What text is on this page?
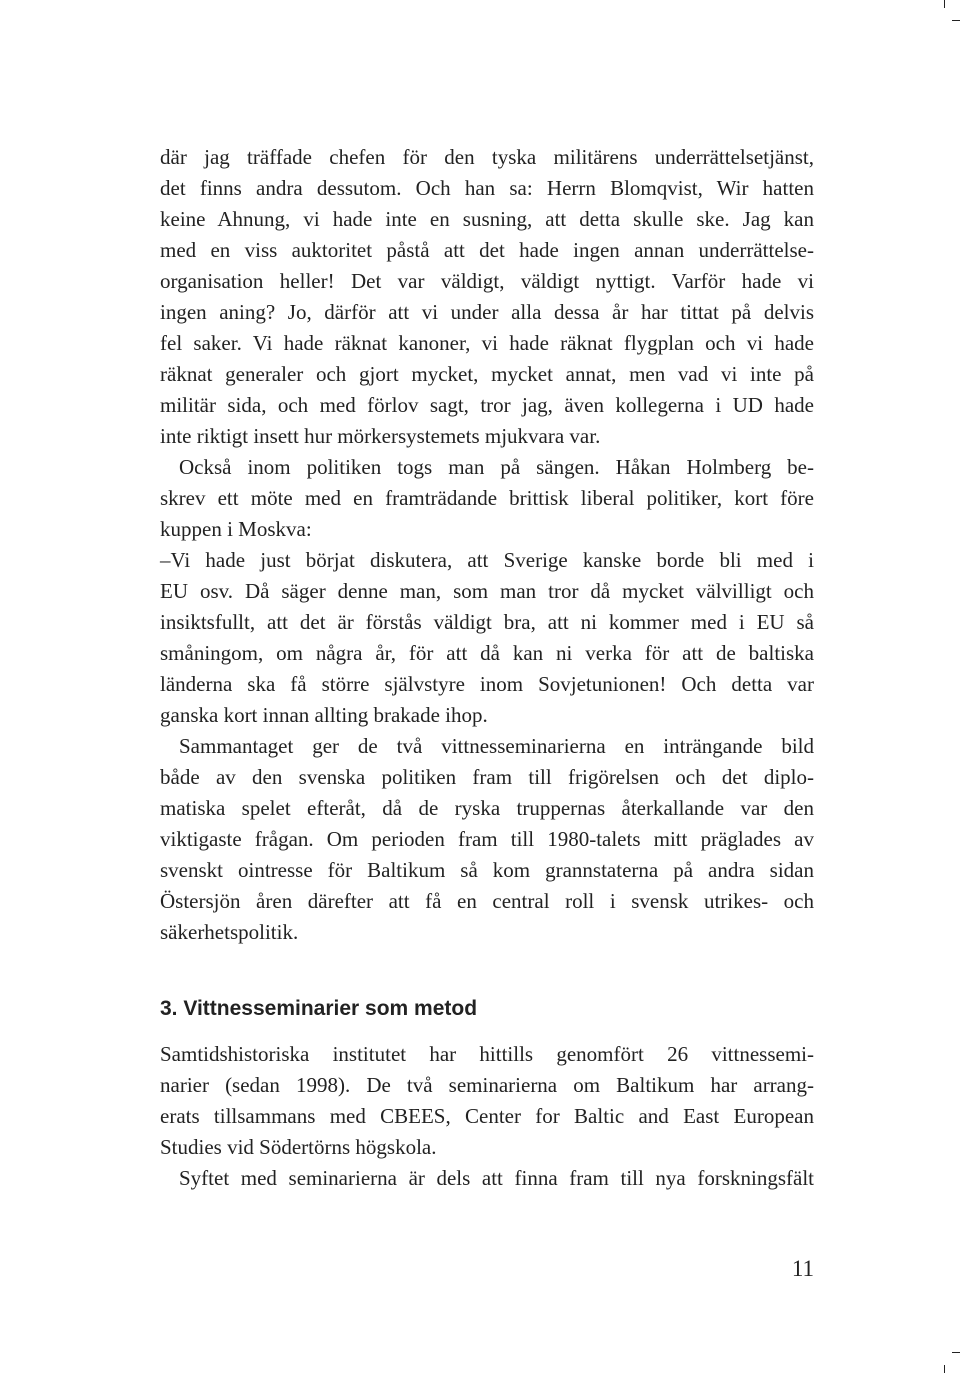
där jag träffade chefen för den tyska militärens underrättelsetjänst,
det finns andra dessutom. Och han sa: Herrn Blomqvist, Wir hatten
keine Ahnung, vi hade inte en susning, att detta skulle ske. Jag kan
med en viss auktoritet påstå att det hade ingen annan underrättelse-
organisation heller! Det var väldigt, väldigt nyttigt. Varför hade vi
ingen aning? Jo, därför att vi under alla dessa år har tittat på delvis
fel saker. Vi hade räknat kanoner, vi hade räknat flygplan och vi hade
räknat generaler och gjort mycket, mycket annat, men vad vi inte på
militär sida, och med förlov sagt, tror jag, även kollegerna i UD hade
inte riktigt insett hur mörkersystemets mjukvara var.
Också inom politiken togs man på sängen. Håkan Holmberg be-
skrev ett möte med en framträdande brittisk liberal politiker, kort före
kuppen i Moskva:
–Vi hade just börjat diskutera, att Sverige kanske borde bli med i
EU osv. Då säger denne man, som man tror då mycket välvilligt och
insiktsfullt, att det är förstås väldigt bra, att ni kommer med i EU så
småningom, om några år, för att då kan ni verka för att de baltiska
länderna ska få större självstyre inom Sovjetunionen! Och detta var
ganska kort innan allting brakade ihop.
Sammantaget ger de två vittnesseminarierna en inträngande bild
både av den svenska politiken fram till frigörelsen och det diplo-
matiska spelet efteråt, då de ryska truppernas återkallande var den
viktigaste frågan. Om perioden fram till 1980-talets mitt präglades av
svenskt ointresse för Baltikum så kom grannstaterna på andra sidan
Östersjön åren därefter att få en central roll i svensk utrikes- och
säkerhetspolitik.
3. Vittnesseminarier som metod
Samtidshistoriska institutet har hittills genomfört 26 vittnessemi-
narier (sedan 1998). De två seminarierna om Baltikum har arrang-
erats tillsammans med CBEES, Center for Baltic and East European
Studies vid Södertörns högskola.
Syftet med seminarierna är dels att finna fram till nya forskningsfält
11
